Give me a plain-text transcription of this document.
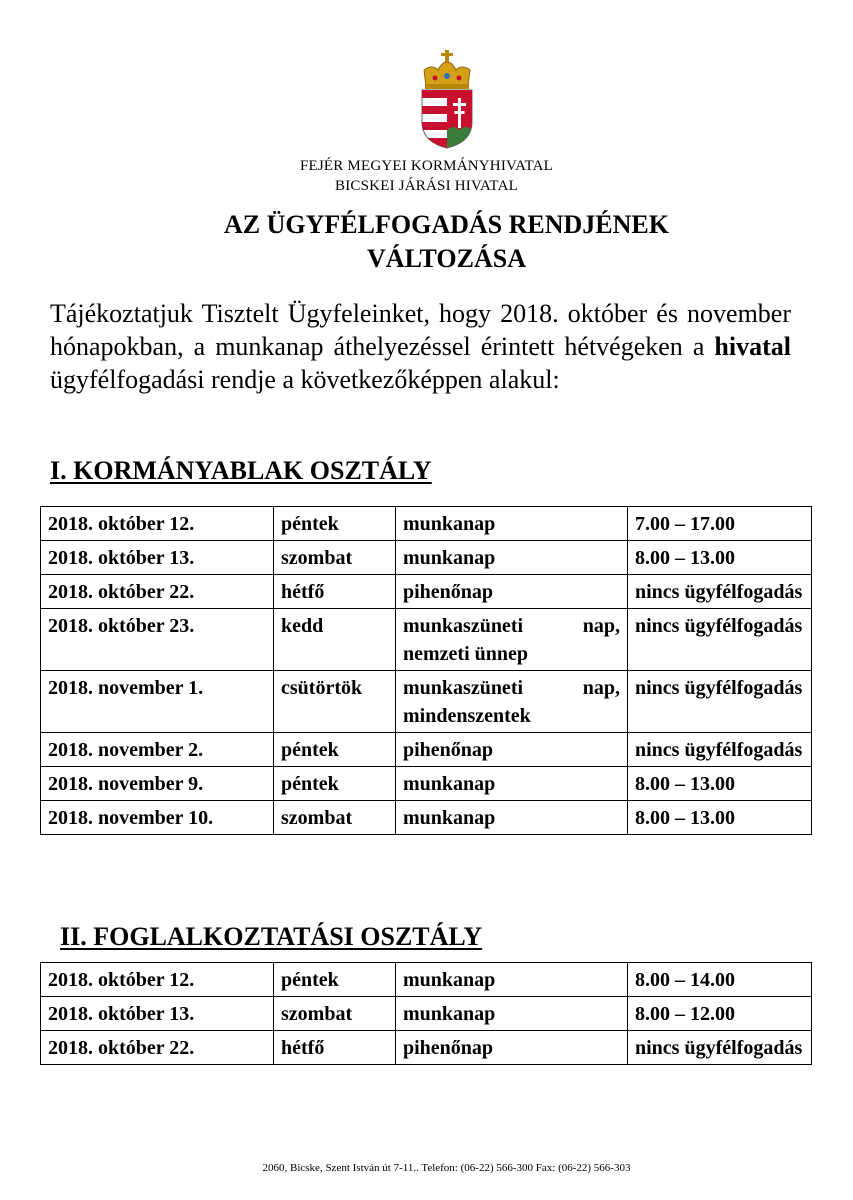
FEJÉR MEGYEI KORMÁNYHIVATAL
BICSKEI JÁRÁSI HIVATAL
AZ ÜGYFÉLFOGADÁS RENDJÉNEK
VÁLTOZÁSA

Tájékoztatjuk Tisztelt Ügyfeleinket, hogy 2018. október és november hónapokban, a munkanap áthelyezéssel érintett hétvégeken a hivatal ügyfélfogadási rendje a következőképpen alakul:

I. KORMÁNYABLAK OSZTÁLY
2018. október 12.	péntek	munkanap	7.00 – 17.00
2018. október 13.	szombat	munkanap	8.00 – 13.00
2018. október 22.	hétfő	pihenőnap	nincs ügyfélfogadás
2018. október 23.	kedd	munkaszüneti nap, nemzeti ünnep	nincs ügyfélfogadás
2018. november 1.	csütörtök	munkaszüneti nap, mindenszentek	nincs ügyfélfogadás
2018. november 2.	péntek	pihenőnap	nincs ügyfélfogadás
2018. november 9.	péntek	munkanap	8.00 – 13.00
2018. november 10.	szombat	munkanap	8.00 – 13.00
II. FOGLALKOZTATÁSI OSZTÁLY
2018. október 12.	péntek	munkanap	8.00 – 14.00
2018. október 13.	szombat	munkanap	8.00 – 12.00
2018. október 22.	hétfő	pihenőnap	nincs ügyfélfogadás
2060, Bicske, Szent István út 7-11.. Telefon: (06-22) 566-300 Fax: (06-22) 566-303
